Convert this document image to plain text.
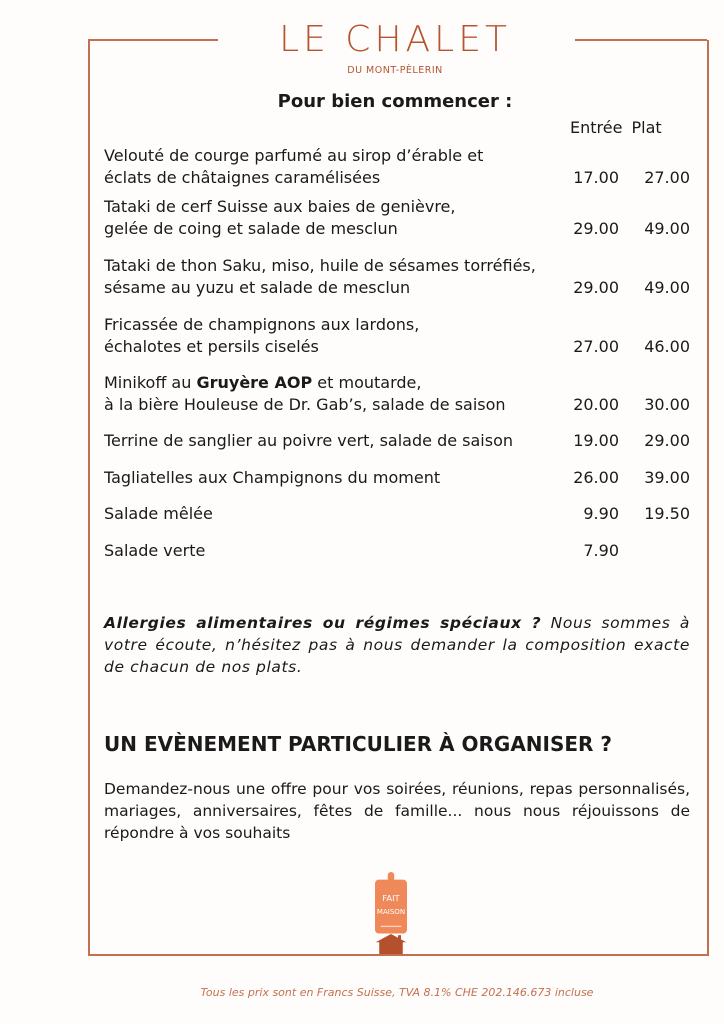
LE CHALET
DU MONT-PÈLERIN
Pour bien commencer :
Entrée Plat
Velouté de courge parfumé au sirop d’érable et
éclats de châtaignes caramélisées	17.00 27.00
Tataki de cerf Suisse aux baies de genièvre,
gelée de coing et salade de mesclun	29.00 49.00
Tataki de thon Saku, miso, huile de sésames torréfiés,
sésame au yuzu et salade de mesclun	29.00 49.00
Fricassée de champignons aux lardons,
échalotes et persils ciselés	27.00 46.00
Minikoff au Gruyère AOP et moutarde,
à la bière Houleuse de Dr. Gab’s, salade de saison	20.00 30.00
Terrine de sanglier au poivre vert, salade de saison	19.00 29.00
Tagliatelles aux Champignons du moment	26.00 39.00
Salade mêlée	9.90 19.50
Salade verte	7.90
Allergies alimentaires ou régimes spéciaux ? Nous sommes à votre écoute, n’hésitez pas à nous demander la composition exacte de chacun de nos plats.
UN EVÈNEMENT PARTICULIER À ORGANISER ?
Demandez-nous une offre pour vos soirées, réunions, repas personnalisés, mariages, anniversaires, fêtes de famille... nous nous réjouissons de répondre à vos souhaits
FAIT
MAISON
Tous les prix sont en Francs Suisse, TVA 8.1% CHE 202.146.673 incluse
